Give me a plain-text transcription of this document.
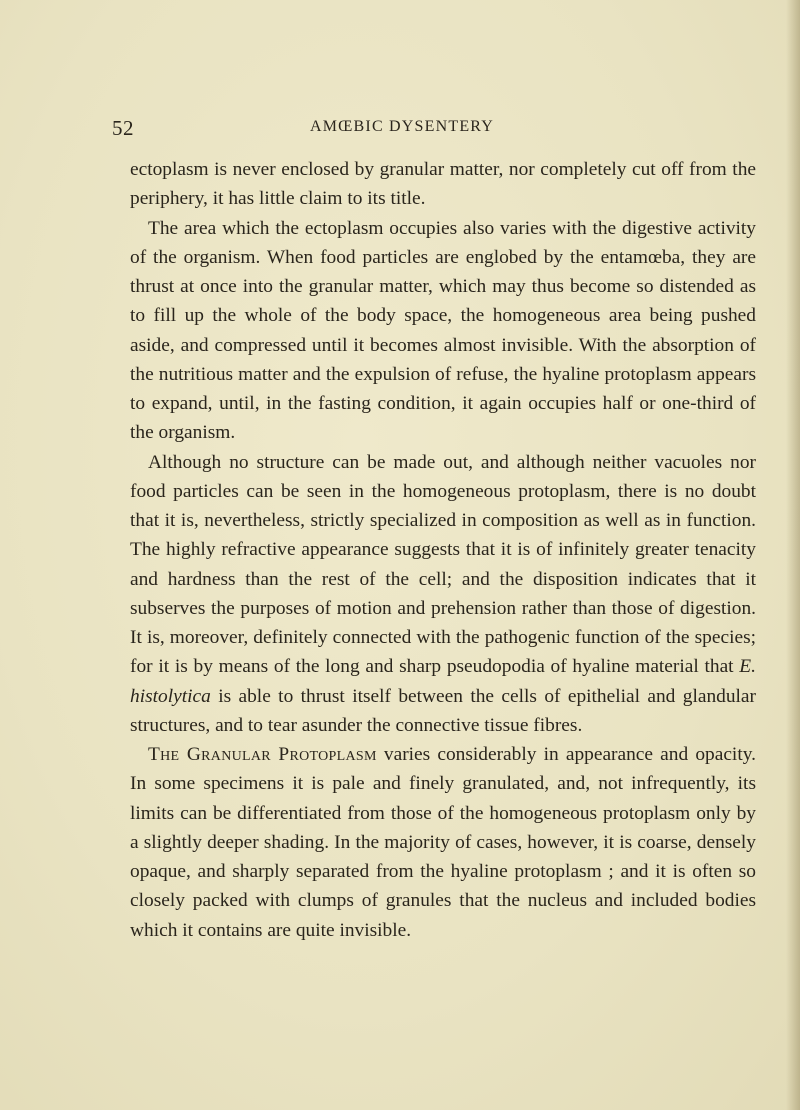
52	AMŒBIC DYSENTERY

ectoplasm is never enclosed by granular matter, nor completely cut off from the periphery, it has little claim to its title.

The area which the ectoplasm occupies also varies with the digestive activity of the organism. When food particles are englobed by the entamœba, they are thrust at once into the granular matter, which may thus become so distended as to fill up the whole of the body space, the homogeneous area being pushed aside, and compressed until it becomes almost invisible. With the absorption of the nutritious matter and the expulsion of refuse, the hyaline protoplasm appears to expand, until, in the fasting condition, it again occupies half or one-third of the organism.

Although no structure can be made out, and although neither vacuoles nor food particles can be seen in the homogeneous protoplasm, there is no doubt that it is, nevertheless, strictly specialized in composition as well as in function. The highly refractive appearance suggests that it is of infinitely greater tenacity and hardness than the rest of the cell; and the disposition indicates that it subserves the purposes of motion and prehension rather than those of digestion. It is, moreover, definitely connected with the pathogenic function of the species; for it is by means of the long and sharp pseudopodia of hyaline material that E. histolytica is able to thrust itself between the cells of epithelial and glandular structures, and to tear asunder the connective tissue fibres.

The Granular Protoplasm varies considerably in appearance and opacity. In some specimens it is pale and finely granulated, and, not infrequently, its limits can be differentiated from those of the homogeneous protoplasm only by a slightly deeper shading. In the majority of cases, however, it is coarse, densely opaque, and sharply separated from the hyaline protoplasm ; and it is often so closely packed with clumps of granules that the nucleus and included bodies which it contains are quite invisible.
